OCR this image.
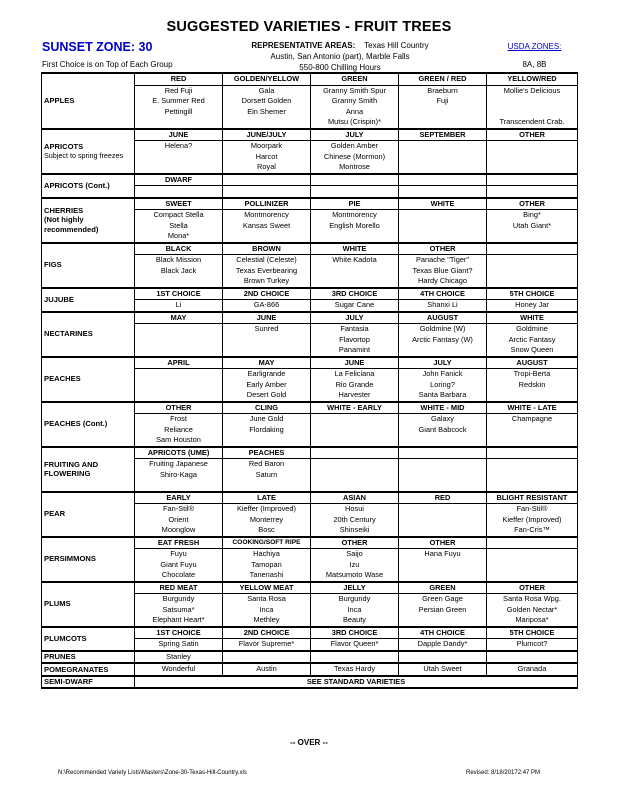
SUGGESTED VARIETIES - FRUIT TREES
SUNSET ZONE: 30
First Choice is on Top of Each Group
REPRESENTATIVE AREAS: Texas Hill Country
Austin, San Antonio (part), Marble Falls
550-800 Chilling Hours
USDA ZONES:
8A, 8B
APPLES	RED	GOLDEN/YELLOW	GREEN	GREEN / RED	YELLOW/RED
	Red Fuji	Gala	Granny Smith Spur	Braeburn	Mollie's Delicious
	E. Summer Red	Dorsett Golden	Granny Smith	Fuji	
	Pettingill	Ein Shemer	Anna		
			Mutsu (Crispin)*		Transcendent Crab.

APRICOTS
Subject to spring freezes	JUNE	JUNE/JULY	JULY	SEPTEMBER	OTHER
	Helena?	Moorpark	Golden Amber		
		Harcot	Chinese (Mormon)		
		Royal	Montrose		

APRICOTS (Cont.)	DWARF				

CHERRIES
(Not highly recommended)	SWEET	POLLINIZER	PIE	WHITE	OTHER
	Compact Stella	Montmorency	Montmorency		Bing*
	Stella	Kansas Sweet	English Morello		Utah Giant*
	Mona*				

FIGS	BLACK	BROWN	WHITE	OTHER	
	Black Mission	Celestial (Celeste)	White Kadota	Panache "Tiger"	
	Black Jack	Texas Everbearing		Texas Blue Giant?	
		Brown Turkey		Hardy Chicago	

JUJUBE	1ST CHOICE	2ND CHOICE	3RD CHOICE	4TH CHOICE	5TH CHOICE
	Li	GA-866	Sugar Cane	Shanxi Li	Honey Jar

NECTARINES	MAY	JUNE	JULY	AUGUST	WHITE
		Sunred	Fantasia	Goldmine (W)	Goldmine
			Flavortop	Arctic Fantasy (W)	Arctic Fantasy
			Panamint		Snow Queen

PEACHES	APRIL	MAY	JUNE	JULY	AUGUST
		Earligrande	La Feliciana	John Fanick	Tropi-Berta
		Early Amber	Rio Grande	Loring?	Redskin
		Desert Gold	Harvester	Santa Barbara	

PEACHES (Cont.)	OTHER	CLING	WHITE - EARLY	WHITE - MID	WHITE - LATE
	Frost	June Gold		Galaxy	Champagne
	Reliance	Flordaking		Giant Babcock	
	Sam Houston				

FRUITING AND FLOWERING	APRICOTS (UME)	PEACHES			
	Fruiting Japanese	Red Baron			
	Shiro-Kaga	Saturn			

PEAR	EARLY	LATE	ASIAN	RED	BLIGHT RESISTANT
	Fan-Stil®	Kieffer (Improved)	Hosui		Fan-Stil®
	Orient	Monterrey	20th Century		Kieffer (Improved)
	Moonglow	Bosc	Shinseiki		Fan-Cris™

PERSIMMONS	EAT FRESH	COOKING/SOFT RIPE	OTHER	OTHER	
	Fuyu	Hachiya	Saijo	Hana Fuyu	
	Giant Fuyu	Tamopan	Izu		
	Chocolate	Tanenashi	Matsumoto Wase		

PLUMS	RED MEAT	YELLOW MEAT	JELLY	GREEN	OTHER
	Burgundy	Santa Rosa	Burgundy	Green Gage	Santa Rosa Wpg.
	Satsuma*	Inca	Inca	Persian Green	Golden Nectar*
	Elephant Heart*	Methley	Beauty		Mariposa*

PLUMCOTS	1ST CHOICE	2ND CHOICE	3RD CHOICE	4TH CHOICE	5TH CHOICE
	Spring Satin	Flavor Supreme*	Flavor Queen*	Dapple Dandy*	Plumcot?

PRUNES	Stanley				

POMEGRANATES	Wonderful	Austin	Texas Hardy	Utah Sweet	Granada
SEMI-DWARF	SEE STANDARD VARIETIES				
-- OVER --
N:\Recommended Variety Lists\Masters\Zone-30-Texas-Hill-Country.xls	Revised: 8/18/20172:47 PM
